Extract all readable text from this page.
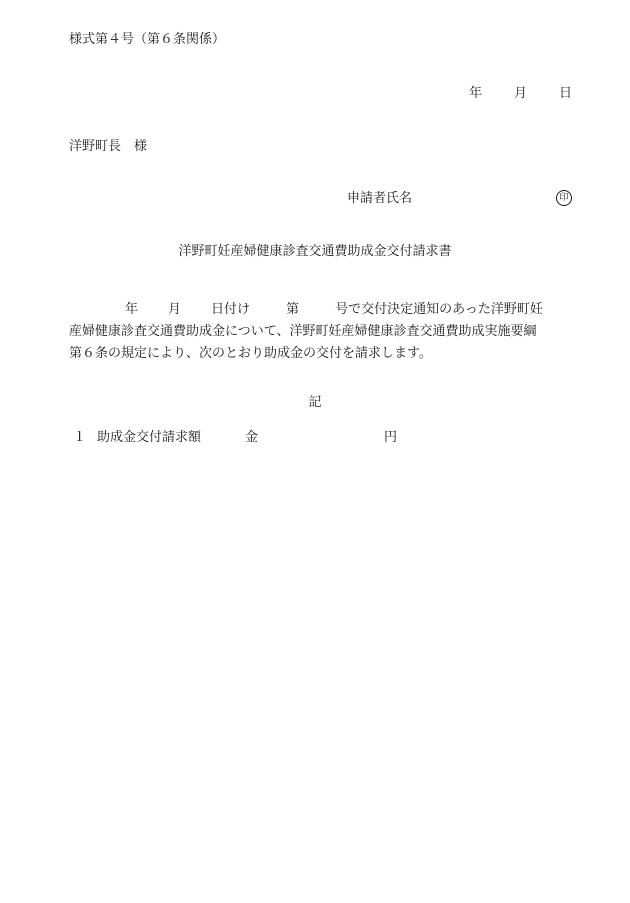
様式第４号（第６条関係）
年 月 日
洋野町長 様
申請者氏名	印
洋野町妊産婦健康診査交通費助成金交付請求書
年 月 日付け	第	号で交付決定通知のあった洋野町妊
産婦健康診査交通費助成金について、洋野町妊産婦健康診査交通費助成実施要綱
第６条の規定により、次のとおり助成金の交付を請求します。
記
１ 助成金交付請求額	金	円
